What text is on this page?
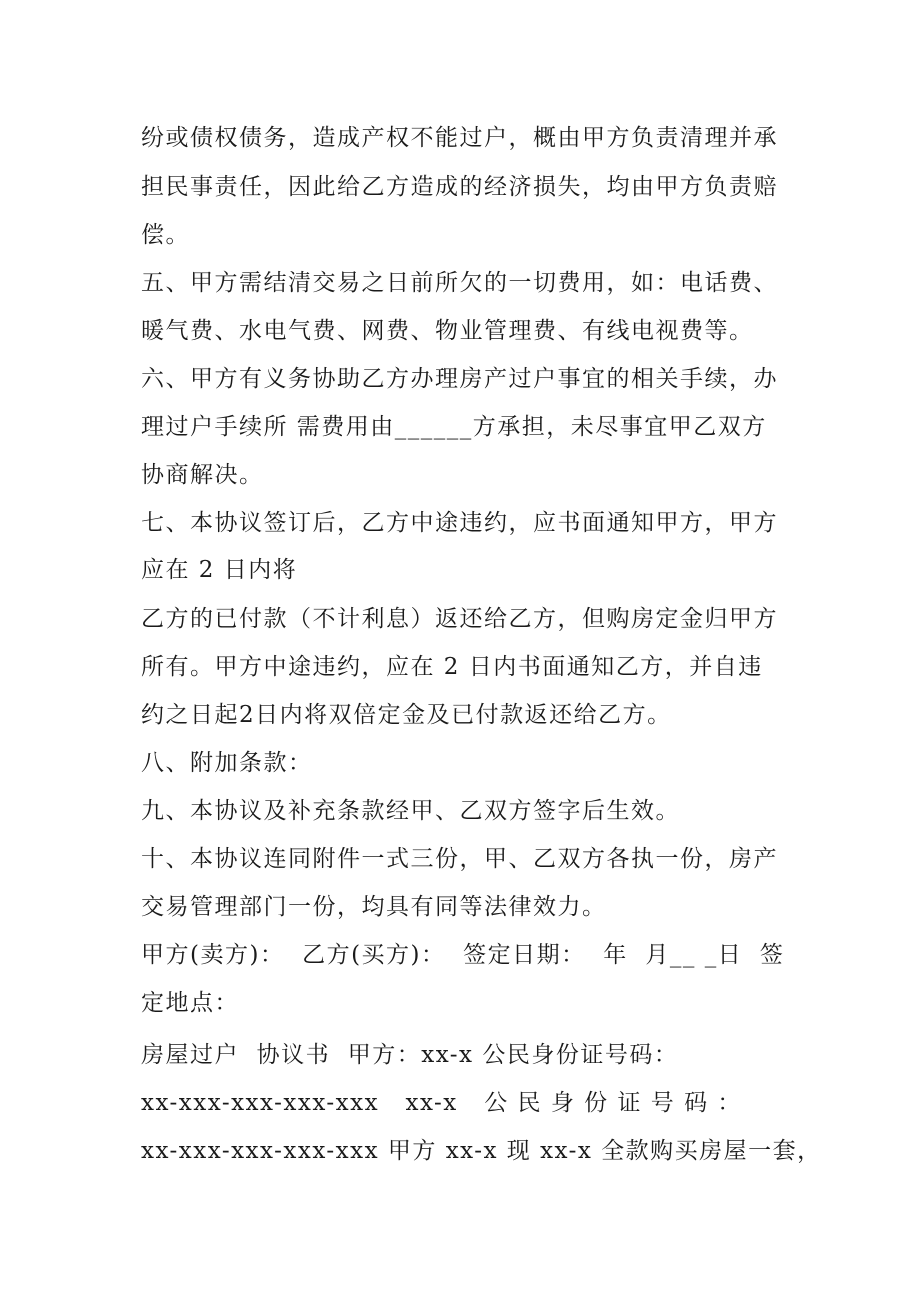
纷或债权债务，造成产权不能过户，概由甲方负责清理并承
担民事责任，因此给乙方造成的经济损失，均由甲方负责赔
偿。
五、甲方需结清交易之日前所欠的一切费用，如：电话费、
暖气费、水电气费、网费、物业管理费、有线电视费等。
六、甲方有义务协助乙方办理房产过户事宜的相关手续，办
理过户手续所 需费用由______方承担，未尽事宜甲乙双方
协商解决。
七、本协议签订后，乙方中途违约，应书面通知甲方，甲方
应在 2 日内将
乙方的已付款（不计利息）返还给乙方，但购房定金归甲方
所有。甲方中途违约，应在 2 日内书面通知乙方，并自违
约之日起2日内将双倍定金及已付款返还给乙方。
八、附加条款：
九、本协议及补充条款经甲、乙双方签字后生效。
十、本协议连同附件一式三份，甲、乙双方各执一份，房产
交易管理部门一份，均具有同等法律效力。
甲方(卖方)：  乙方(买方)：  签定日期：  年  月__ _日  签
定地点：
房屋过户  协议书  甲方：xx-x 公民身份证号码：
xx-xxx-xxx-xxx-xxx   xx-x   公 民 身 份 证 号 码 ：
xx-xxx-xxx-xxx-xxx 甲方 xx-x 现 xx-x 全款购买房屋一套，
